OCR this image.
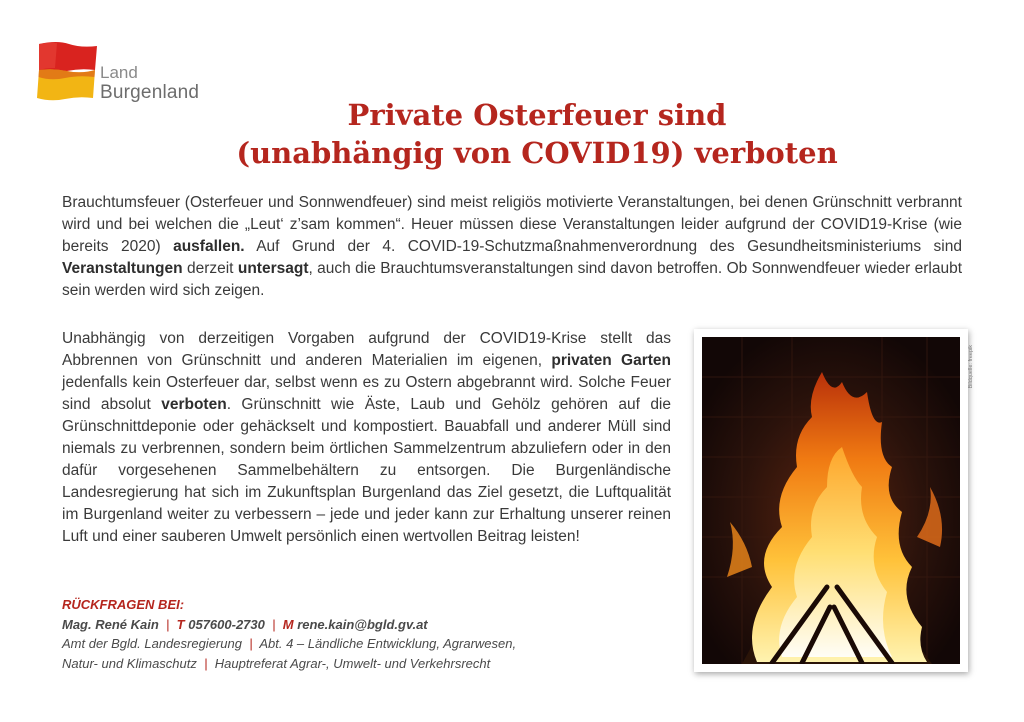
Land
Burgenland
Private Osterfeuer sind
(unabhängig von COVID19) verboten

Brauchtumsfeuer (Osterfeuer und Sonnwendfeuer) sind meist religiös motivierte Veranstaltungen, bei denen Grünschnitt verbrannt wird und bei welchen die „Leut‘ z’sam kommen“. Heuer müssen diese Veranstaltungen leider aufgrund der COVID19-Krise (wie bereits 2020) ausfallen. Auf Grund der 4. COVID-19-Schutzmaßnahmenverordnung des Gesundheitsministeriums sind Veranstaltungen derzeit untersagt, auch die Brauchtumsveranstaltungen sind davon betroffen. Ob Sonnwendfeuer wieder erlaubt sein werden wird sich zeigen.

Unabhängig von derzeitigen Vorgaben aufgrund der COVID19-Krise stellt das Abbrennen von Grünschnitt und anderen Materialien im eigenen, privaten Garten jedenfalls kein Osterfeuer dar, selbst wenn es zu Ostern abgebrannt wird. Solche Feuer sind absolut verboten. Grünschnitt wie Äste, Laub und Gehölz gehören auf die Grünschnittdeponie oder gehäckselt und kompostiert. Bauabfall und anderer Müll sind niemals zu verbrennen, sondern beim örtlichen Sammelzentrum abzuliefern oder in den dafür vorgesehenen Sammelbehältern zu entsorgen. Die Burgenländische Landesregierung hat sich im Zukunftsplan Burgenland das Ziel gesetzt, die Luftqualität im Burgenland weiter zu verbessern – jede und jeder kann zur Erhaltung unserer reinen Luft und einer sauberen Umwelt persönlich einen wertvollen Beitrag leisten!

RÜCKFRAGEN BEI:
Mag. René Kain | T 057600-2730 | M rene.kain@bgld.gv.at
Amt der Bgld. Landesregierung | Abt. 4 – Ländliche Entwicklung, Agrarwesen,
Natur- und Klimaschutz | Hauptreferat Agrar-, Umwelt- und Verkehrsrecht
Bildquelle: freepik
